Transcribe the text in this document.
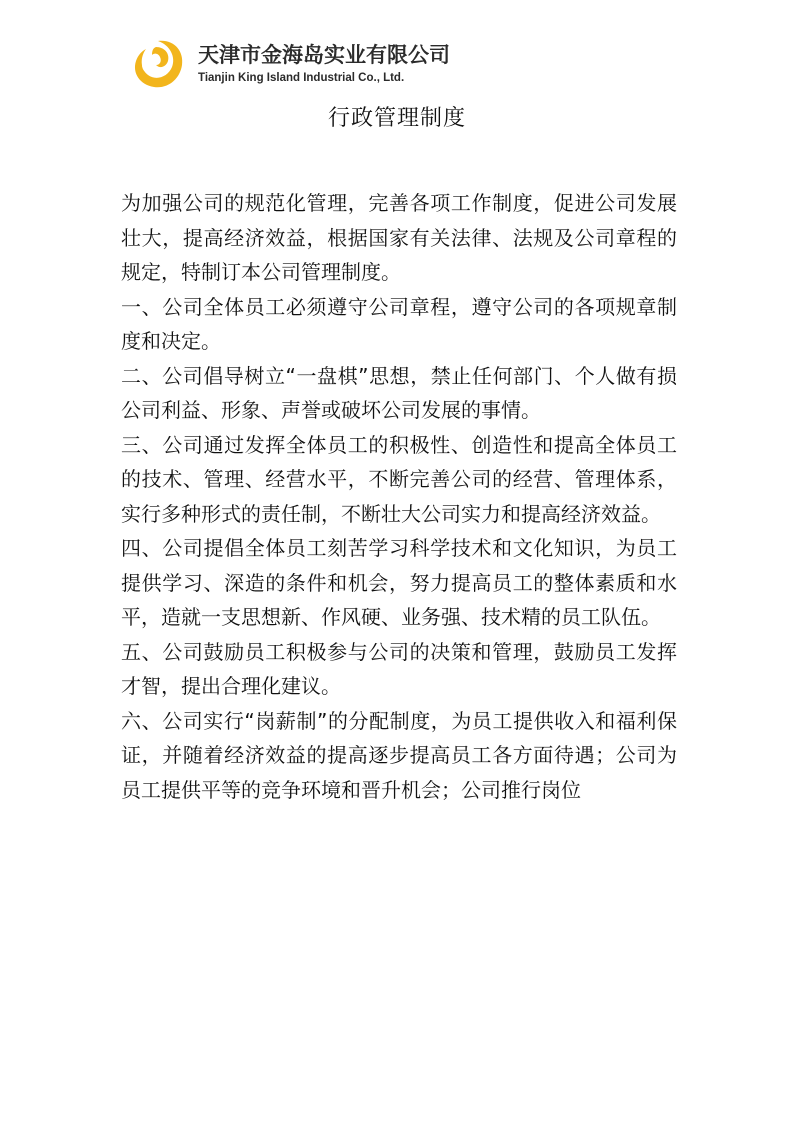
天津市金海岛实业有限公司
Tianjin King Island Industrial Co., Ltd.
行政管理制度

为加强公司的规范化管理，完善各项工作制度，促进公司发展壮大，提高经济效益，根据国家有关法律、法规及公司章程的规定，特制订本公司管理制度。

一、公司全体员工必须遵守公司章程，遵守公司的各项规章制度和决定。

二、公司倡导树立“一盘棋”思想，禁止任何部门、个人做有损公司利益、形象、声誉或破坏公司发展的事情。

三、公司通过发挥全体员工的积极性、创造性和提高全体员工的技术、管理、经营水平，不断完善公司的经营、管理体系，实行多种形式的责任制，不断壮大公司实力和提高经济效益。

四、公司提倡全体员工刻苦学习科学技术和文化知识，为员工提供学习、深造的条件和机会，努力提高员工的整体素质和水平，造就一支思想新、作风硬、业务强、技术精的员工队伍。

五、公司鼓励员工积极参与公司的决策和管理，鼓励员工发挥才智，提出合理化建议。

六、公司实行“岗薪制”的分配制度，为员工提供收入和福利保证，并随着经济效益的提高逐步提高员工各方面待遇；公司为员工提供平等的竞争环境和晋升机会；公司推行岗位
